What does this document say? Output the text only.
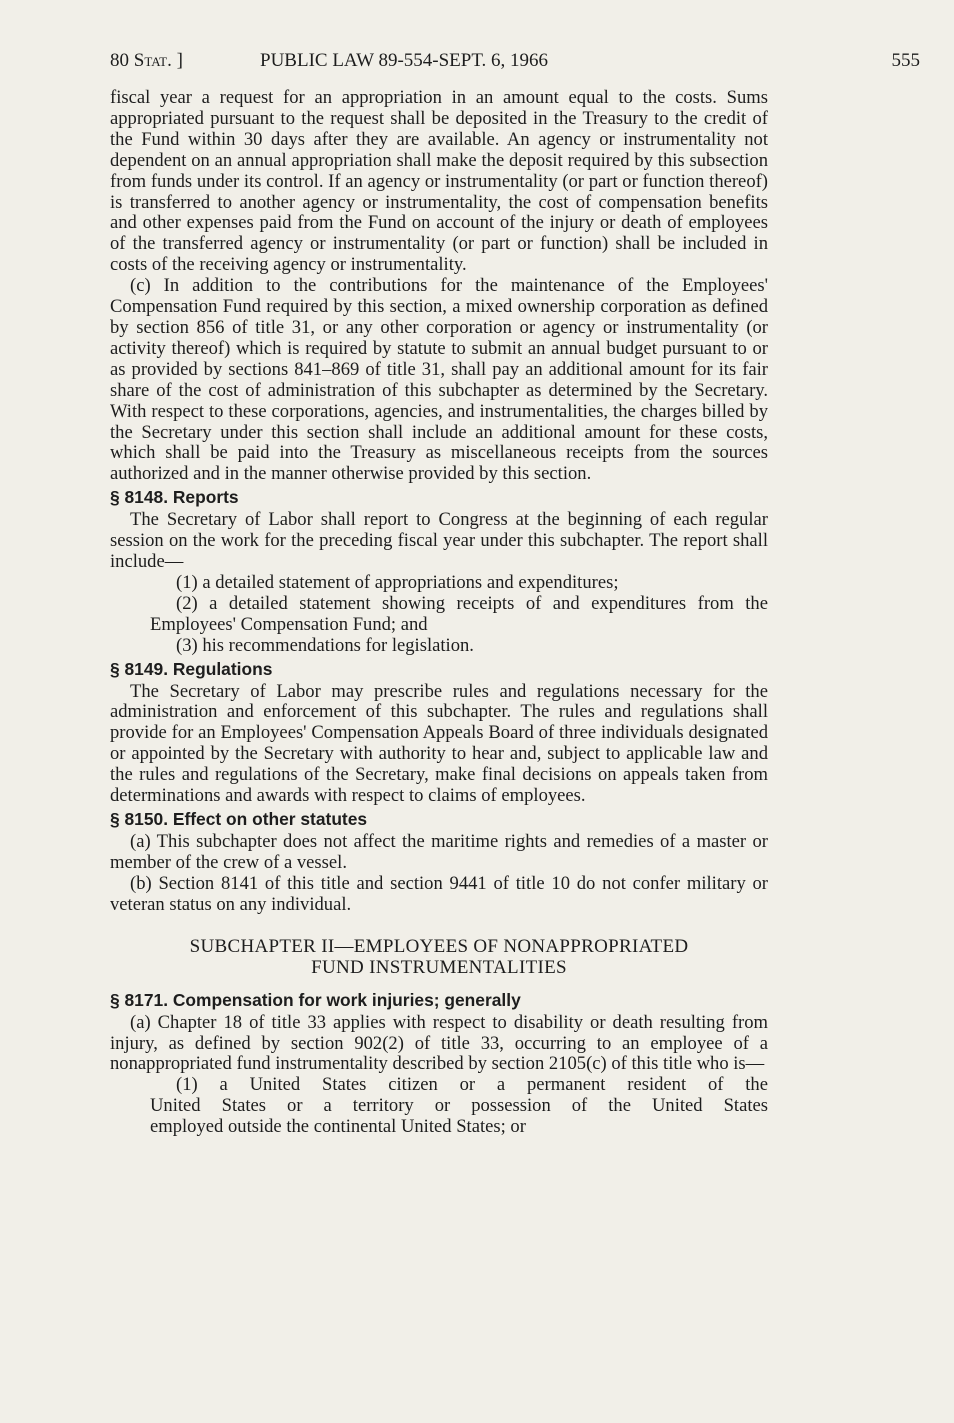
80 Stat. ]	PUBLIC LAW 89-554-SEPT. 6, 1966	555

fiscal year a request for an appropriation in an amount equal to the costs. Sums appropriated pursuant to the request shall be deposited in the Treasury to the credit of the Fund within 30 days after they are available. An agency or instrumentality not dependent on an annual appropriation shall make the deposit required by this subsection from funds under its control. If an agency or instrumentality (or part or function thereof) is transferred to another agency or instrumentality, the cost of compensation benefits and other expenses paid from the Fund on account of the injury or death of employees of the transferred agency or instrumentality (or part or function) shall be included in costs of the receiving agency or instrumentality.

(c) In addition to the contributions for the maintenance of the Employees' Compensation Fund required by this section, a mixed ownership corporation as defined by section 856 of title 31, or any other corporation or agency or instrumentality (or activity thereof) which is required by statute to submit an annual budget pursuant to or as provided by sections 841–869 of title 31, shall pay an additional amount for its fair share of the cost of administration of this subchapter as determined by the Secretary. With respect to these corporations, agencies, and instrumentalities, the charges billed by the Secretary under this section shall include an additional amount for these costs, which shall be paid into the Treasury as miscellaneous receipts from the sources authorized and in the manner otherwise provided by this section.

§ 8148. Reports

The Secretary of Labor shall report to Congress at the beginning of each regular session on the work for the preceding fiscal year under this subchapter. The report shall include—

(1) a detailed statement of appropriations and expenditures;

(2) a detailed statement showing receipts of and expenditures from the Employees' Compensation Fund; and

(3) his recommendations for legislation.

§ 8149. Regulations

The Secretary of Labor may prescribe rules and regulations necessary for the administration and enforcement of this subchapter. The rules and regulations shall provide for an Employees' Compensation Appeals Board of three individuals designated or appointed by the Secretary with authority to hear and, subject to applicable law and the rules and regulations of the Secretary, make final decisions on appeals taken from determinations and awards with respect to claims of employees.

§ 8150. Effect on other statutes

(a) This subchapter does not affect the maritime rights and remedies of a master or member of the crew of a vessel.

(b) Section 8141 of this title and section 9441 of title 10 do not confer military or veteran status on any individual.

SUBCHAPTER II—EMPLOYEES OF NONAPPROPRIATED
FUND INSTRUMENTALITIES
§ 8171. Compensation for work injuries; generally

(a) Chapter 18 of title 33 applies with respect to disability or death resulting from injury, as defined by section 902(2) of title 33, occurring to an employee of a nonappropriated fund instrumentality described by section 2105(c) of this title who is—

(1) a United States citizen or a permanent resident of the
United States or a territory or possession of the United States
employed outside the continental United States; or
